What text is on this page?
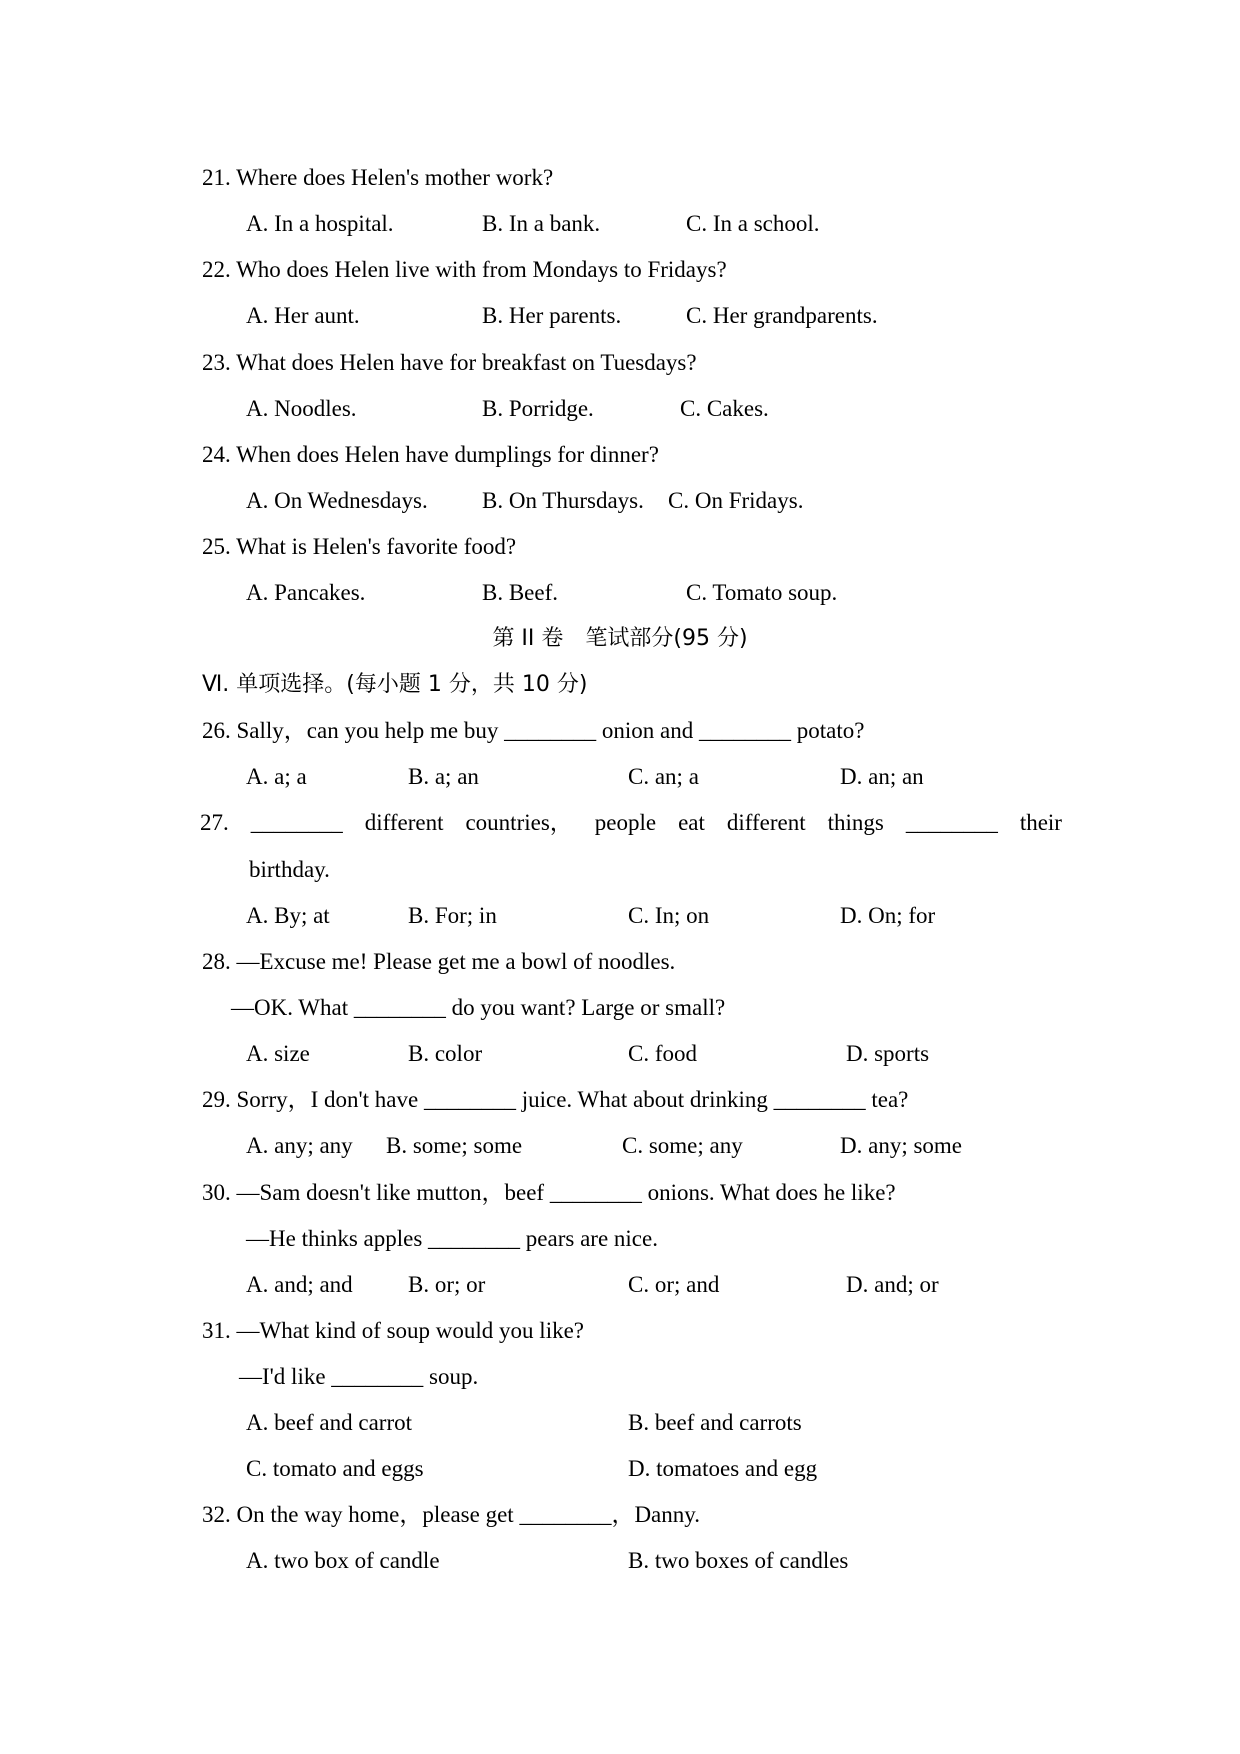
21. Where does Helen's mother work?
A. In a hospital.	B. In a bank.	C. In a school.
22. Who does Helen live with from Mondays to Fridays?
A. Her aunt.	B. Her parents.	C. Her grandparents.
23. What does Helen have for breakfast on Tuesdays?
A. Noodles.	B. Porridge.	C. Cakes.
24. When does Helen have dumplings for dinner?
A. On Wednesdays. B. On Thursdays. C. On Fridays.
25. What is Helen's favorite food?
A. Pancakes.	B. Beef.	C. Tomato soup.
第 II 卷　笔试部分(95 分)
Ⅵ. 单项选择。(每小题 1 分，共 10 分)
26. Sally，can you help me buy ________ onion and ________ potato?
A. a; a	B. a; an	C. an; a	D. an; an
27. ________ different countries， people eat different things ________ their
birthday.
A. By; at	B. For; in	C. In; on	D. On; for
28. —Excuse me! Please get me a bowl of noodles.
—OK. What ________ do you want? Large or small?
A. size	B. color	C. food	D. sports
29. Sorry，I don't have ________ juice. What about drinking ________ tea?
A. any; any B. some; some	C. some; any	D. any; some
30. —Sam doesn't like mutton，beef ________ onions. What does he like?
—He thinks apples ________ pears are nice.
A. and; and B. or; or	C. or; and	D. and; or
31. —What kind of soup would you like?
—I'd like ________ soup.
A. beef and carrot	B. beef and carrots
C. tomato and eggs	D. tomatoes and egg
32. On the way home，please get ________，Danny.
A. two box of candle	B. two boxes of candles
